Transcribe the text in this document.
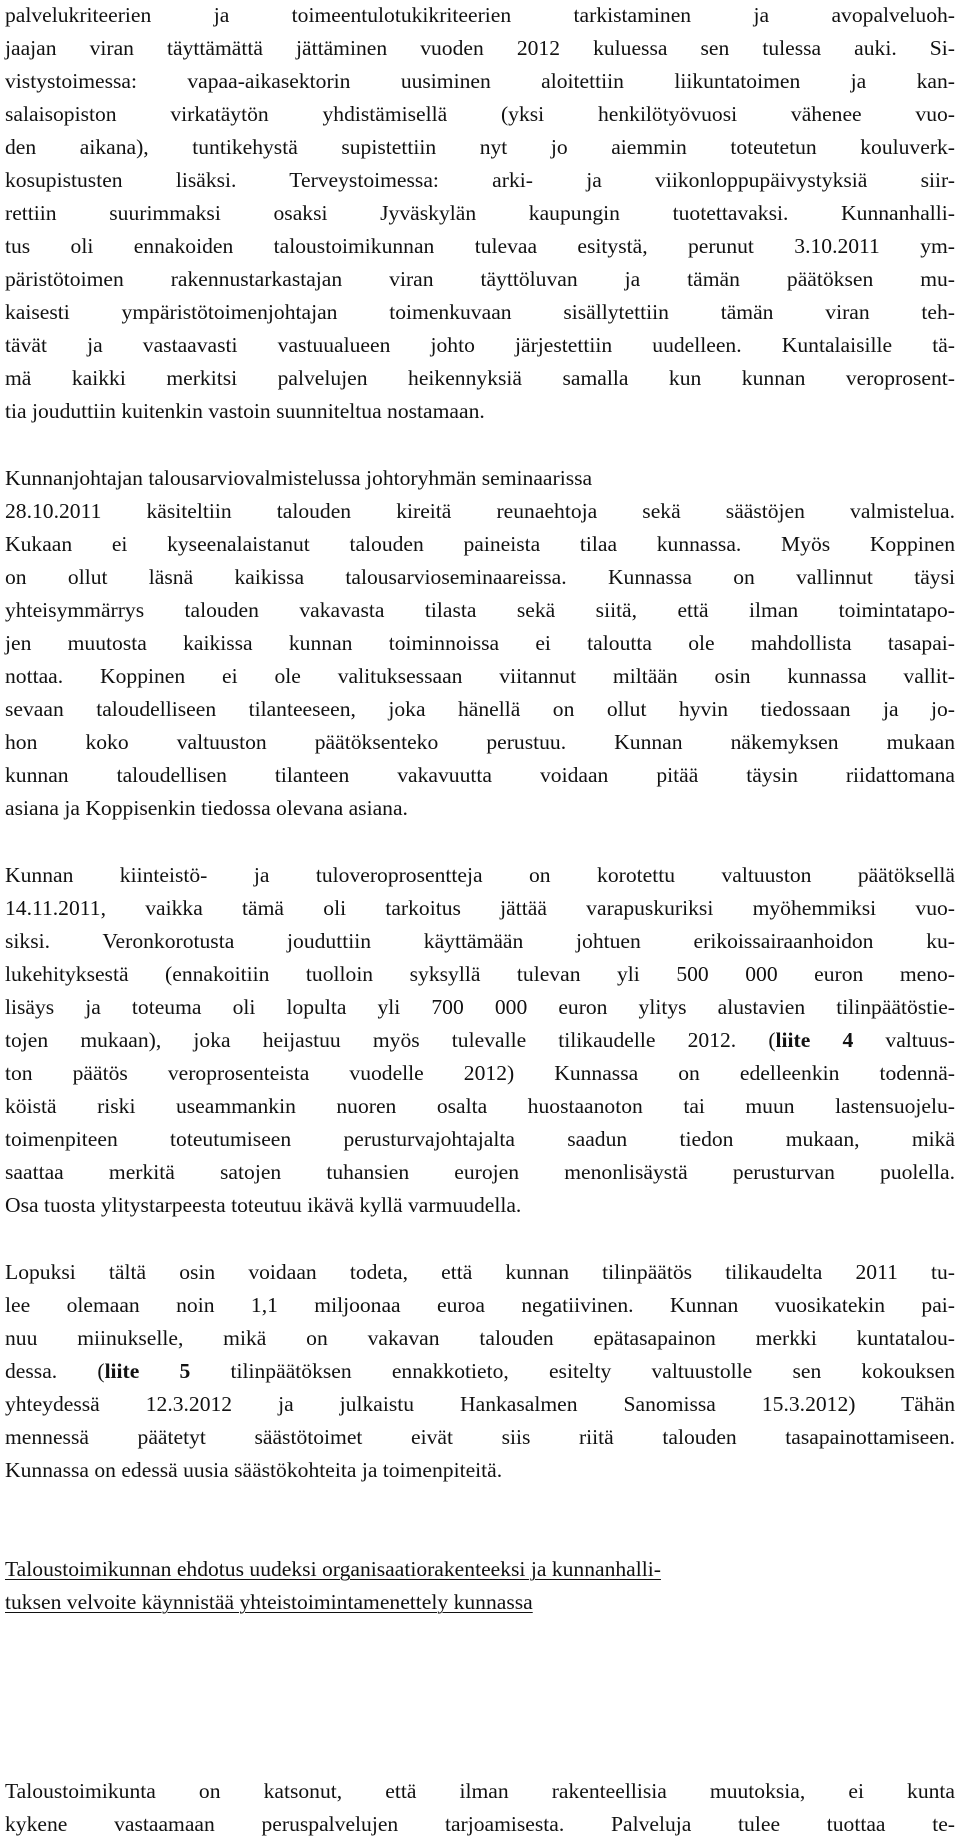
palvelukriteerien ja toimeentulotukikriteerien tarkistaminen ja avopalveluoh-
jaajan viran täyttämättä jättäminen vuoden 2012 kuluessa sen tulessa auki. Si-
vistystoimessa: vapaa-aikasektorin uusiminen aloitettiin liikuntatoimen ja kan-
salaisopiston virkatäytön yhdistämisellä (yksi henkilötyövuosi vähenee vuo-
den aikana), tuntikehystä supistettiin nyt jo aiemmin toteutetun kouluverk-
kosupistusten lisäksi. Terveystoimessa: arki- ja viikonloppupäivystyksiä siir-
rettiin suurimmaksi osaksi Jyväskylän kaupungin tuotettavaksi. Kunnanhalli-
tus oli ennakoiden taloustoimikunnan tulevaa esitystä, perunut 3.10.2011 ym-
päristötoimen rakennustarkastajan viran täyttöluvan ja tämän päätöksen mu-
kaisesti ympäristötoimenjohtajan toimenkuvaan sisällytettiin tämän viran teh-
tävät ja vastaavasti vastuualueen johto järjestettiin uudelleen. Kuntalaisille tä-
mä kaikki merkitsi palvelujen heikennyksiä samalla kun kunnan veroprosent-
tia jouduttiin kuitenkin vastoin suunniteltua nostamaan.
Kunnanjohtajan talousarviovalmistelussa johtoryhmän seminaarissa
28.10.2011 käsiteltiin talouden kireitä reunaehtoja sekä säästöjen valmistelua.
Kukaan ei kyseenalaistanut talouden paineista tilaa kunnassa. Myös Koppinen
on ollut läsnä kaikissa talousarvioseminaareissa. Kunnassa on vallinnut täysi
yhteisymmärrys talouden vakavasta tilasta sekä siitä, että ilman toimintatapo-
jen muutosta kaikissa kunnan toiminnoissa ei taloutta ole mahdollista tasapai-
nottaa. Koppinen ei ole valituksessaan viitannut miltään osin kunnassa vallit-
sevaan taloudelliseen tilanteeseen, joka hänellä on ollut hyvin tiedossaan ja jo-
hon koko valtuuston päätöksenteko perustuu. Kunnan näkemyksen mukaan
kunnan taloudellisen tilanteen vakavuutta voidaan pitää täysin riidattomana
asiana ja Koppisenkin tiedossa olevana asiana.
Kunnan kiinteistö- ja tuloveroprosentteja on korotettu valtuuston päätöksellä
14.11.2011, vaikka tämä oli tarkoitus jättää varapuskuriksi myöhemmiksi vuo-
siksi. Veronkorotusta jouduttiin käyttämään johtuen erikoissairaanhoidon ku-
lukehityksestä (ennakoitiin tuolloin syksyllä tulevan yli 500 000 euron meno-
lisäys ja toteuma oli lopulta yli 700 000 euron ylitys alustavien tilinpäätöstie-
tojen mukaan), joka heijastuu myös tulevalle tilikaudelle 2012. (liite 4 valtuus-
ton päätös veroprosenteista vuodelle 2012) Kunnassa on edelleenkin todennä-
köistä riski useammankin nuoren osalta huostaanoton tai muun lastensuojelu-
toimenpiteen toteutumiseen perusturvajohtajalta saadun tiedon mukaan, mikä
saattaa merkitä satojen tuhansien eurojen menonlisäystä perusturvan puolella.
Osa tuosta ylitystarpeesta toteutuu ikävä kyllä varmuudella.
Lopuksi tältä osin voidaan todeta, että kunnan tilinpäätös tilikaudelta 2011 tu-
lee olemaan noin 1,1 miljoonaa euroa negatiivinen. Kunnan vuosikatekin pai-
nuu miinukselle, mikä on vakavan talouden epätasapainon merkki kuntatalou-
dessa. (liite 5 tilinpäätöksen ennakkotieto, esitelty valtuustolle sen kokouksen
yhteydessä 12.3.2012 ja julkaistu Hankasalmen Sanomissa 15.3.2012) Tähän
mennessä päätetyt säästötoimet eivät siis riitä talouden tasapainottamiseen.
Kunnassa on edessä uusia säästökohteita ja toimenpiteitä.
Taloustoimikunnan ehdotus uudeksi organisaatiorakenteeksi ja kunnanhalli-
tuksen velvoite käynnistää yhteistoimintamenettely kunnassa
Taloustoimikunta on katsonut, että ilman rakenteellisia muutoksia, ei kunta
kykene vastaamaan peruspalvelujen tarjoamisesta. Palveluja tulee tuottaa te-
